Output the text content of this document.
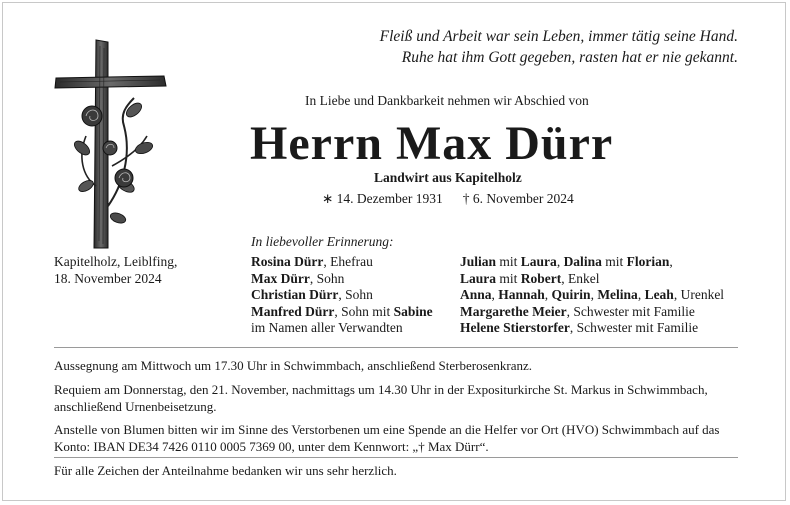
Fleiß und Arbeit war sein Leben, immer tätig seine Hand.
Ruhe hat ihm Gott gegeben, rasten hat er nie gekannt.
In Liebe und Dankbarkeit nehmen wir Abschied von
Herrn Max Dürr
Landwirt aus Kapitelholz
∗ 14. Dezember 1931 † 6. November 2024
In liebevoller Erinnerung:
Kapitelholz, Leiblfing,
18. November 2024
Rosina Dürr, Ehefrau
Max Dürr, Sohn
Christian Dürr, Sohn
Manfred Dürr, Sohn mit Sabine
im Namen aller Verwandten
Julian mit Laura, Dalina mit Florian,
Laura mit Robert, Enkel
Anna, Hannah, Quirin, Melina, Leah, Urenkel
Margarethe Meier, Schwester mit Familie
Helene Stierstorfer, Schwester mit Familie
Aussegnung am Mittwoch um 17.30 Uhr in Schwimmbach, anschließend Sterberosenkranz.
Requiem am Donnerstag, den 21. November, nachmittags um 14.30 Uhr in der Expositurkirche St. Markus in Schwimmbach, anschließend Urnenbeisetzung.
Anstelle von Blumen bitten wir im Sinne des Verstorbenen um eine Spende an die Helfer vor Ort (HVO) Schwimmbach auf das Konto: IBAN DE34 7426 0110 0005 7369 00, unter dem Kennwort: „† Max Dürr“.
Für alle Zeichen der Anteilnahme bedanken wir uns sehr herzlich.
